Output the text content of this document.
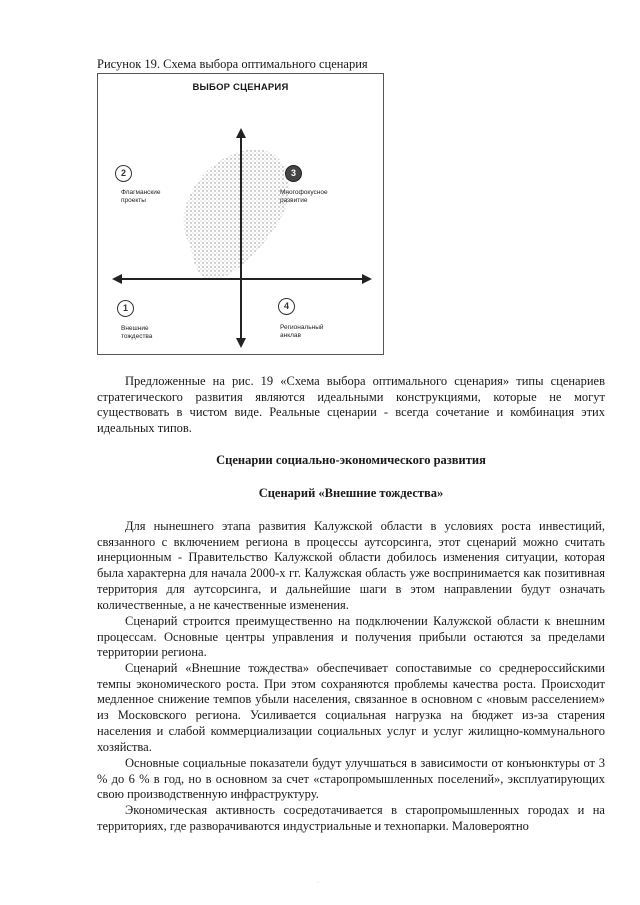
Рисунок 19. Схема выбора оптимального сценария
ВЫБОР СЦЕНАРИЯ
2
Флагманские
проекты
3
Многофокусное
развитие
1
Внешние
тождества
4
Региональный
анклав

Предложенные на рис. 19 «Схема выбора оптимального сценария» типы сценариев стратегического развития являются идеальными конструкциями, которые не могут существовать в чистом виде. Реальные сценарии - всегда сочетание и комбинация этих идеальных типов.

Сценарии социально-экономического развития

Сценарий «Внешние тождества»

Для нынешнего этапа развития Калужской области в условиях роста инвестиций, связанного с включением региона в процессы аутсорсинга, этот сценарий можно считать инерционным - Правительство Калужской области добилось изменения ситуации, которая была характерна для начала 2000-х гг. Калужская область уже воспринимается как позитивная территория для аутсорсинга, и дальнейшие шаги в этом направлении будут означать количественные, а не качественные изменения.

Сценарий строится преимущественно на подключении Калужской области к внешним процессам. Основные центры управления и получения прибыли остаются за пределами территории региона.

Сценарий «Внешние тождества» обеспечивает сопоставимые со среднероссийскими темпы экономического роста. При этом сохраняются проблемы качества роста. Происходит медленное снижение темпов убыли населения, связанное в основном с «новым расселением» из Московского региона. Усиливается социальная нагрузка на бюджет из-за старения населения и слабой коммерциализации социальных услуг и услуг жилищно-коммунального хозяйства.

Основные социальные показатели будут улучшаться в зависимости от конъюнктуры от 3 % до 6 % в год, но в основном за счет «старопромышленных поселений», эксплуатирующих свою производственную инфраструктуру.

Экономическая активность сосредотачивается в старопромышленных городах и на территориях, где разворачиваются индустриальные и технопарки. Маловероятно

·
